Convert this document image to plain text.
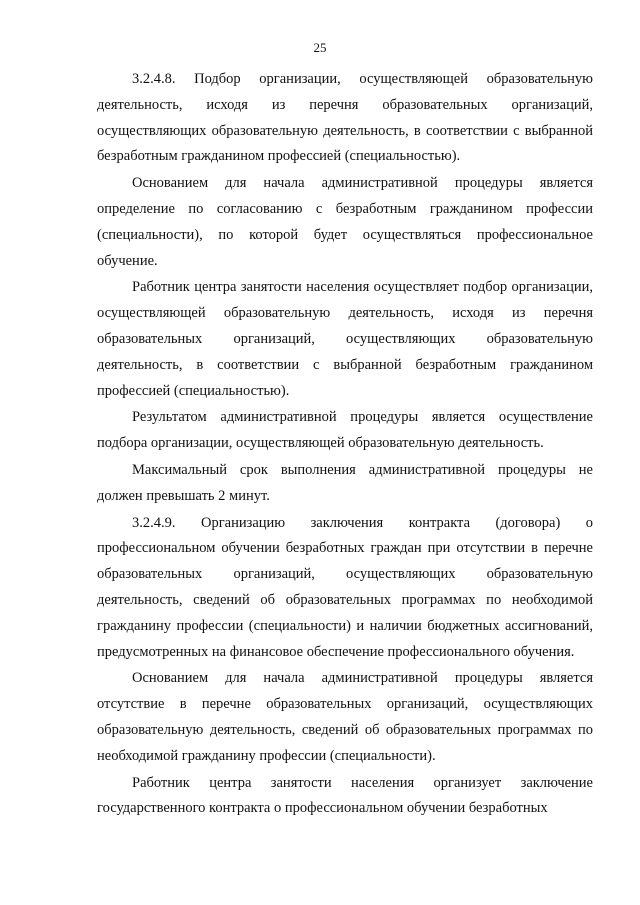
25

3.2.4.8. Подбор организации, осуществляющей образовательную деятельность, исходя из перечня образовательных организаций, осуществляющих образовательную деятельность, в соответствии с выбранной безработным гражданином профессией (специальностью).

Основанием для начала административной процедуры является определение по согласованию с безработным гражданином профессии (специальности), по которой будет осуществляться профессиональное обучение.

Работник центра занятости населения осуществляет подбор организации, осуществляющей образовательную деятельность, исходя из перечня образовательных организаций, осуществляющих образовательную деятельность, в соответствии с выбранной безработным гражданином профессией (специальностью).

Результатом административной процедуры является осуществление подбора организации, осуществляющей образовательную деятельность.

Максимальный срок выполнения административной процедуры не должен превышать 2 минут.

3.2.4.9. Организацию заключения контракта (договора) о профессиональном обучении безработных граждан при отсутствии в перечне образовательных организаций, осуществляющих образовательную деятельность, сведений об образовательных программах по необходимой гражданину профессии (специальности) и наличии бюджетных ассигнований, предусмотренных на финансовое обеспечение профессионального обучения.

Основанием для начала административной процедуры является отсутствие в перечне образовательных организаций, осуществляющих образовательную деятельность, сведений об образовательных программах по необходимой гражданину профессии (специальности).

Работник центра занятости населения организует заключение государственного контракта о профессиональном обучении безработных
